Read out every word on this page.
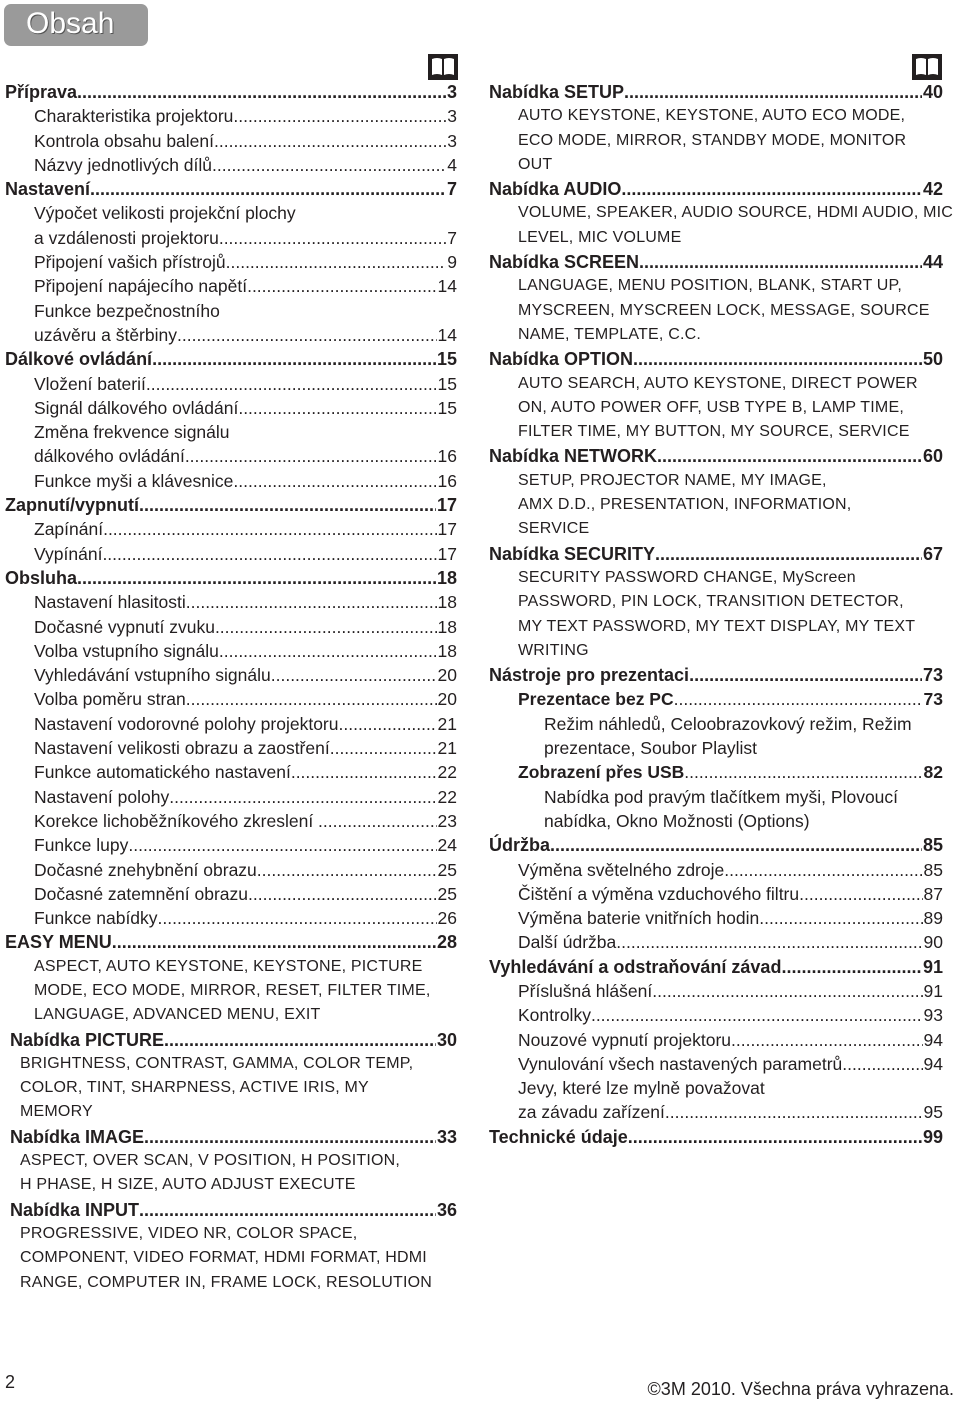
Obsah
Příprava .....	3
Charakteristika projektoru .....	3
Kontrola obsahu balení .....	3
Názvy jednotlivých dílů .....	4
Nastavení .....	7
Výpočet velikosti projekční plochy
a vzdálenosti projektoru .....	7
Připojení vašich přístrojů .....	9
Připojení napájecího napětí .....	14
Funkce bezpečnostního
uzávěru a štěrbiny .....	14
Dálkové ovládání .....	15
Vložení baterií .....	15
Signál dálkového ovládání .....	15
Změna frekvence signálu
dálkového ovládání .....	16
Funkce myši a klávesnice .....	16
Zapnutí/vypnutí .....	17
Zapínání .....	17
Vypínání .....	17
Obsluha .....	18
Nastavení hlasitosti .....	18
Dočasné vypnutí zvuku .....	18
Volba vstupního signálu .....	18
Vyhledávání vstupního signálu .....	20
Volba poměru stran .....	20
Nastavení vodorovné polohy projektoru .....	21
Nastavení velikosti obrazu a zaostření .....	21
Funkce automatického nastavení .....	22
Nastavení polohy .....	22
Korekce lichoběžníkového zkreslení . .....	23
Funkce lupy .....	24
Dočasné znehybnění obrazu .....	25
Dočasné zatemnění obrazu .....	25
Funkce nabídky .....	26
EASY MENU .....	28
ASPECT, AUTO KEYSTONE, KEYSTONE, PICTURE
MODE, ECO MODE, MIRROR, RESET, FILTER TIME,
LANGUAGE, ADVANCED MENU, EXIT
Nabídka PICTURE .....	30
BRIGHTNESS, CONTRAST, GAMMA, COLOR TEMP,
COLOR, TINT, SHARPNESS, ACTIVE IRIS, MY
MEMORY
Nabídka IMAGE .....	33
ASPECT, OVER SCAN, V POSITION, H POSITION,
H PHASE, H SIZE, AUTO ADJUST EXECUTE
Nabídka INPUT .....	36
PROGRESSIVE, VIDEO NR, COLOR SPACE,
COMPONENT, VIDEO FORMAT, HDMI FORMAT, HDMI
RANGE, COMPUTER IN, FRAME LOCK, RESOLUTION
Nabídka SETUP .....	40
AUTO KEYSTONE, KEYSTONE, AUTO ECO MODE,
ECO MODE, MIRROR, STANDBY MODE, MONITOR
OUT
Nabídka AUDIO .....	42
VOLUME, SPEAKER, AUDIO SOURCE, HDMI AUDIO, MIC
LEVEL, MIC VOLUME
Nabídka SCREEN .....	44
LANGUAGE, MENU POSITION, BLANK, START UP,
MYSCREEN, MYSCREEN LOCK, MESSAGE, SOURCE
NAME, TEMPLATE, C.C.
Nabídka OPTION .....	50
AUTO SEARCH, AUTO KEYSTONE, DIRECT POWER
ON, AUTO POWER OFF, USB TYPE B, LAMP TIME,
FILTER TIME, MY BUTTON, MY SOURCE, SERVICE
Nabídka NETWORK .....	60
SETUP, PROJECTOR NAME, MY IMAGE,
AMX D.D., PRESENTATION, INFORMATION,
SERVICE
Nabídka SECURITY .....	67
SECURITY PASSWORD CHANGE, MyScreen
PASSWORD, PIN LOCK, TRANSITION DETECTOR,
MY TEXT PASSWORD, MY TEXT DISPLAY, MY TEXT
WRITING
Nástroje pro prezentaci .....	73
Prezentace bez PC .....	73
Režim náhledů, Celoobrazovkový režim, Režim
prezentace, Soubor Playlist
Zobrazení přes USB .....	82
Nabídka pod pravým tlačítkem myši, Plovoucí
nabídka, Okno Možnosti (Options)
Údržba .....	85
Výměna světelného zdroje .....	85
Čištění a výměna vzduchového filtru .....	87
Výměna baterie vnitřních hodin .....	89
Další údržba .....	90
Vyhledávání a odstraňování závad .....	91
Příslušná hlášení .....	91
Kontrolky .....	93
Nouzové vypnutí projektoru .....	94
Vynulování všech nastavených parametrů .....	94
Jevy, které lze mylně považovat
za závadu zařízení .....	95
Technické údaje .....	99
2	©3M 2010. Všechna práva vyhrazena.
